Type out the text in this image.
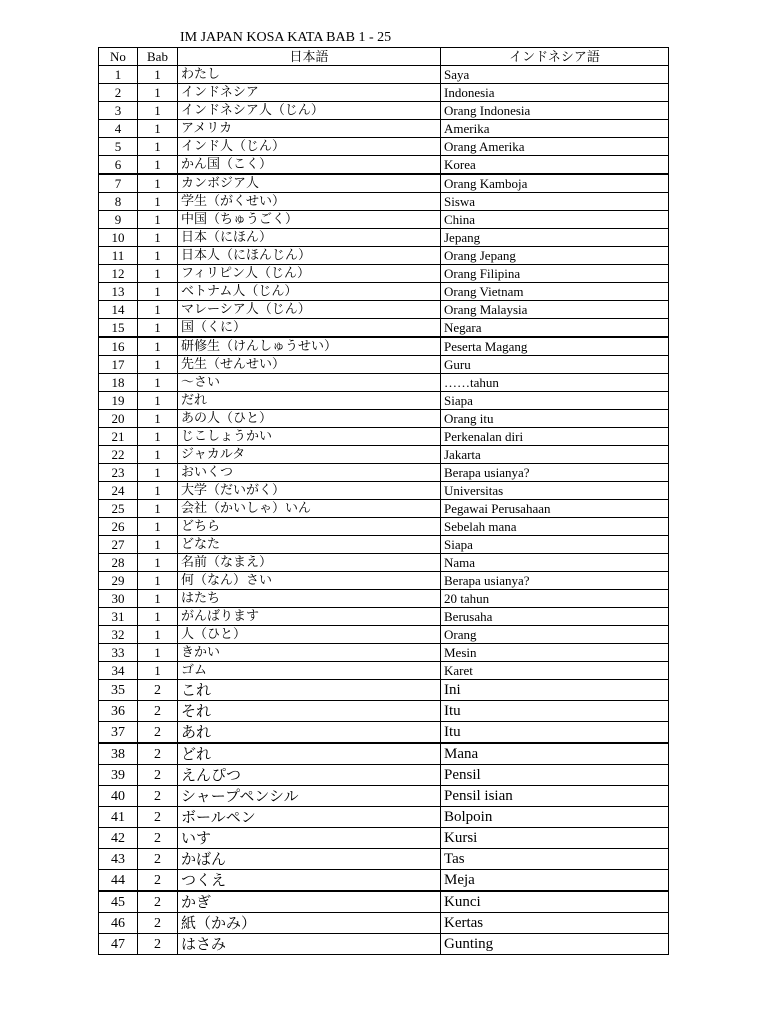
IM JAPAN KOSA KATA BAB 1 - 25
No	Bab	日本語	インドネシア語
1	1	わたし	Saya
2	1	インドネシア	Indonesia
3	1	インドネシア人（じん）	Orang Indonesia
4	1	アメリカ	Amerika
5	1	インド人（じん）	Orang Amerika
6	1	かん国（こく）	Korea
7	1	カンボジア人	Orang Kamboja
8	1	学生（がくせい）	Siswa
9	1	中国（ちゅうごく）	China
10	1	日本（にほん）	Jepang
11	1	日本人（にほんじん）	Orang Jepang
12	1	フィリピン人（じん）	Orang Filipina
13	1	ベトナム人（じん）	Orang Vietnam
14	1	マレーシア人（じん）	Orang Malaysia
15	1	国（くに）	Negara
16	1	研修生（けんしゅうせい）	Peserta Magang
17	1	先生（せんせい）	Guru
18	1	～さい	……tahun
19	1	だれ	Siapa
20	1	あの人（ひと）	Orang itu
21	1	じこしょうかい	Perkenalan diri
22	1	ジャカルタ	Jakarta
23	1	おいくつ	Berapa usianya?
24	1	大学（だいがく）	Universitas
25	1	会社（かいしゃ）いん	Pegawai Perusahaan
26	1	どちら	Sebelah mana
27	1	どなた	Siapa
28	1	名前（なまえ）	Nama
29	1	何（なん）さい	Berapa usianya?
30	1	はたち	20 tahun
31	1	がんばります	Berusaha
32	1	人（ひと）	Orang
33	1	きかい	Mesin
34	1	ゴム	Karet
35	2	これ	Ini
36	2	それ	Itu
37	2	あれ	Itu
38	2	どれ	Mana
39	2	えんぴつ	Pensil
40	2	シャープペンシル	Pensil isian
41	2	ボールペン	Bolpoin
42	2	いす	Kursi
43	2	かばん	Tas
44	2	つくえ	Meja
45	2	かぎ	Kunci
46	2	紙（かみ）	Kertas
47	2	はさみ	Gunting
